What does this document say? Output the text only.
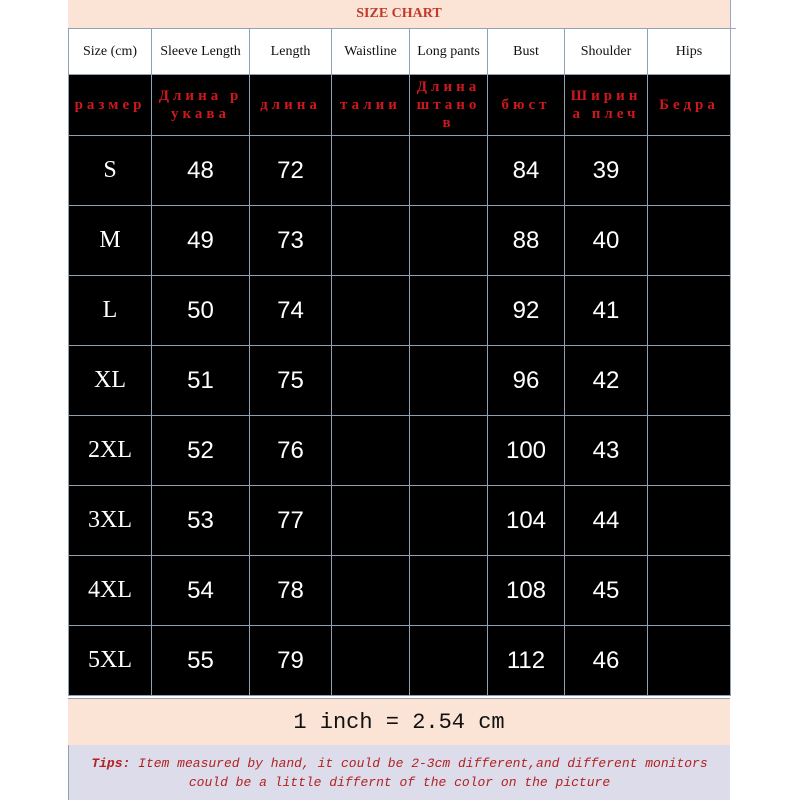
SIZE CHART
Size (cm)	Sleeve Length	Length	Waistline	Long pants	Bust	Shoulder	Hips
размер	Длина рукава	длина	талии	Длина штанов	бюст	Ширина плеч	Бедра
S	48	72			84	39	
M	49	73			88	40	
L	50	74			92	41	
XL	51	75			96	42	
2XL	52	76			100	43	
3XL	53	77			104	44	
4XL	54	78			108	45	
5XL	55	79			112	46	
1 inch = 2.54 cm
Tips: Item measured by hand, it could be 2-3cm different,and different monitors could be a little differnt of the color on the picture
